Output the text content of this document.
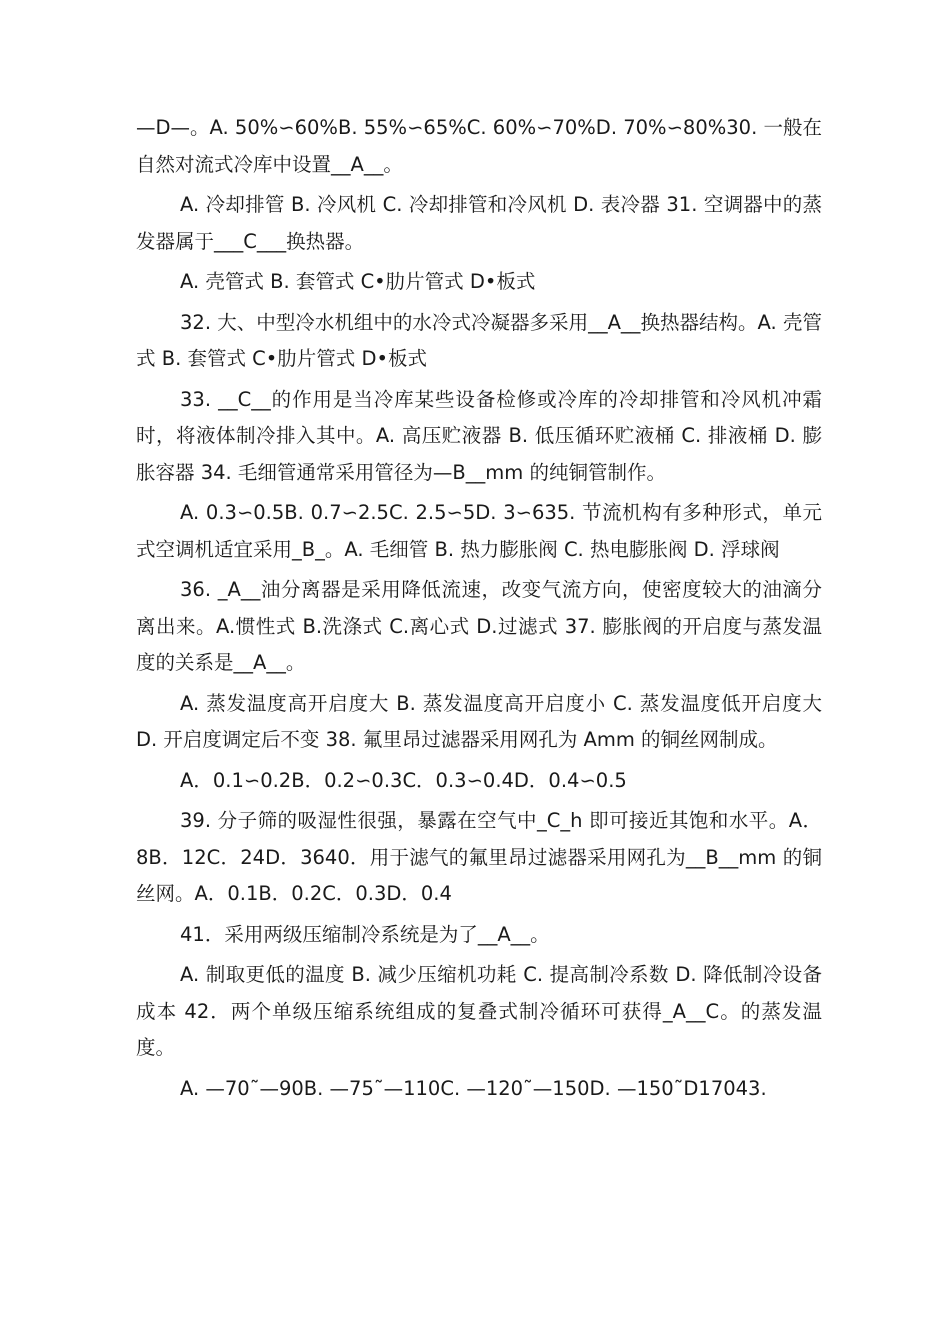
—D—。A. 50%∽60%B. 55%∽65%C. 60%∽70%D. 70%∽80%30. 一般在自然对流式冷库中设置__A__。

A. 冷却排管 B. 冷风机 C. 冷却排管和冷风机 D. 表冷器 31. 空调器中的蒸发器属于___C___换热器。

A. 壳管式 B. 套管式 C•肋片管式 D•板式

32. 大、中型冷水机组中的水冷式冷凝器多采用__A__换热器结构。A. 壳管式 B. 套管式 C•肋片管式 D•板式

33. __C__的作用是当冷库某些设备检修或冷库的冷却排管和冷风机冲霜时，将液体制冷排入其中。A. 高压贮液器 B. 低压循环贮液桶 C. 排液桶 D. 膨胀容器 34. 毛细管通常采用管径为—B__mm 的纯铜管制作。

A. 0.3∽0.5B. 0.7∽2.5C. 2.5∽5D. 3∽635. 节流机构有多种形式，单元式空调机适宜采用_B_。A. 毛细管 B. 热力膨胀阀 C. 热电膨胀阀 D. 浮球阀

36. _A__油分离器是采用降低流速，改变气流方向，使密度较大的油滴分离出来。A.惯性式 B.洗涤式 C.离心式 D.过滤式 37. 膨胀阀的开启度与蒸发温度的关系是__A__。

A. 蒸发温度高开启度大 B. 蒸发温度高开启度小 C. 蒸发温度低开启度大 D. 开启度调定后不变 38. 氟里昂过滤器采用网孔为 Amm 的铜丝网制成。

A．0.1∽0.2B．0.2∽0.3C．0.3∽0.4D．0.4∽0.5

39. 分子筛的吸湿性很强，暴露在空气中_C_h 即可接近其饱和水平。A．8B．12C．24D．3640．用于滤气的氟里昂过滤器采用网孔为__B__mm 的铜丝网。A．0.1B．0.2C．0.3D．0.4

41．采用两级压缩制冷系统是为了__A__。

A. 制取更低的温度 B. 减少压缩机功耗 C. 提高制冷系数 D. 降低制冷设备成本 42．两个单级压缩系统组成的复叠式制冷循环可获得_A__C。的蒸发温度。

A. —70˜—90B. —75˜—110C. —120˜—150D. —150˜D17043.
